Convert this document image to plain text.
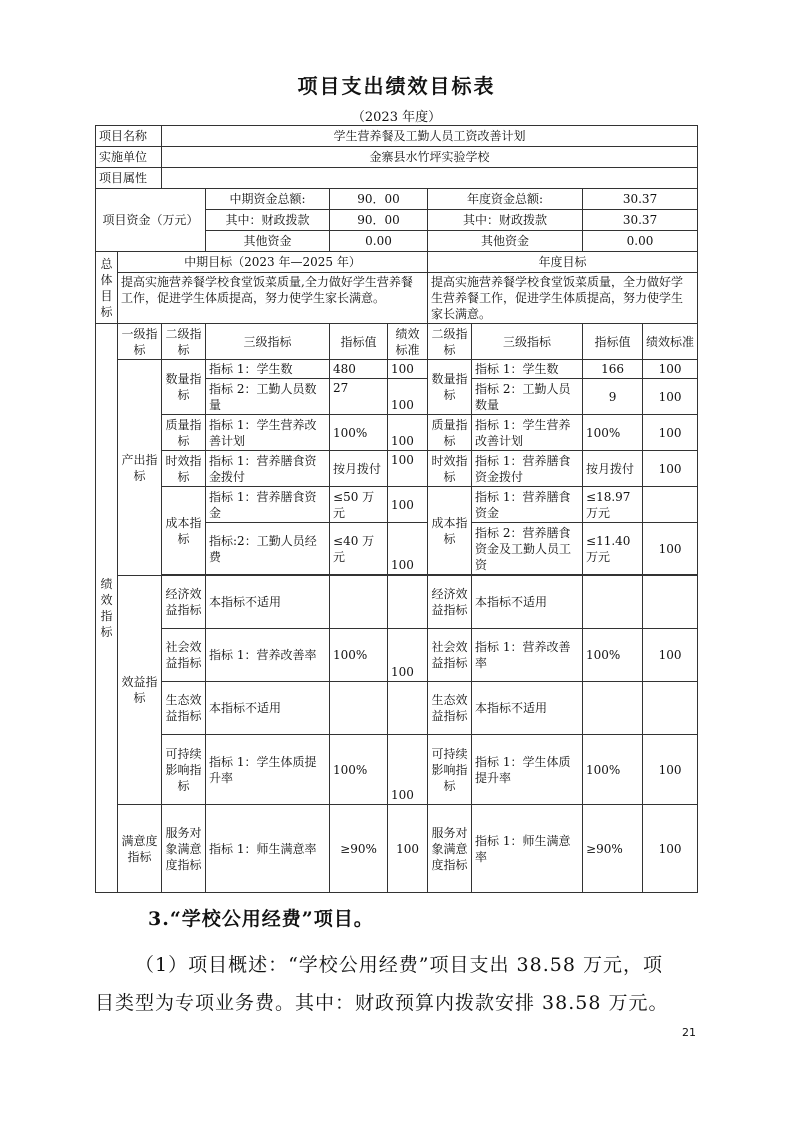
项目支出绩效目标表
（2023 年度）
项目名称		学生营养餐及工勤人员工资改善计划							
实施单位		金寨县水竹坪实验学校							
项目属性									
项目资金（万元）			中期资金总额:	90．00		年度资金总额:		30.37	
			其中：财政拨款	90．00		其中：财政拨款		30.37	
			其他资金	0.00		其他资金		0.00	
总体目标	中期目标（2023 年—2025 年）					年度目标			
	提高实施营养餐学校食堂饭菜质量,全力做好学生营养餐工作，促进学生体质提高，努力使学生家长满意。					提高实施营养餐学校食堂饭菜质量，全力做好学生营养餐工作，促进学生体质提高，努力使学生家长满意。			
绩效指标	一级指标	二级指标	三级指标	指标值	绩效标准	二级指标	三级指标	指标值	绩效标准
	产出指标	数量指标	指标 1：学生数	480	100	数量指标	指标 1：学生数	166	100
			指标 2：工勤人员数量	27	100		指标 2：工勤人员数量	9	100
		质量指标	指标 1：学生营养改善计划	100%	100	质量指标	指标 1：学生营养改善计划	100%	100
		时效指标	指标 1：营养膳食资金拨付	按月拨付	100	时效指标	指标 1：营养膳食资金拨付	按月拨付	100
		成本指标	指标 1：营养膳食资金	≤50 万元	100	成本指标	指标 1：营养膳食资金	≤18.97 万元	
			指标:2：工勤人员经费	≤40 万元	100		指标 2：营养膳食资金及工勤人员工资	≤11.40 万元	100

	效益指标	经济效益指标	本指标不适用			经济效益指标	本指标不适用		
		社会效益指标	指标 1：营养改善率	100%	100	社会效益指标	指标 1：营养改善率	100%	100
		生态效益指标	本指标不适用			生态效益指标	本指标不适用		
		可持续影响指标	指标 1：学生体质提升率	100%	100	可持续影响指标	指标 1：学生体质提升率	100%	100
	满意度指标	服务对象满意度指标	指标 1：师生满意率	≥90%	100	服务对象满意度指标	指标 1：师生满意率	≥90%	100
3.“学校公用经费”项目。
（1）项目概述：“学校公用经费”项目支出 38.58 万元，项
目类型为专项业务费。其中：财政预算内拨款安排 38.58 万元。
21
